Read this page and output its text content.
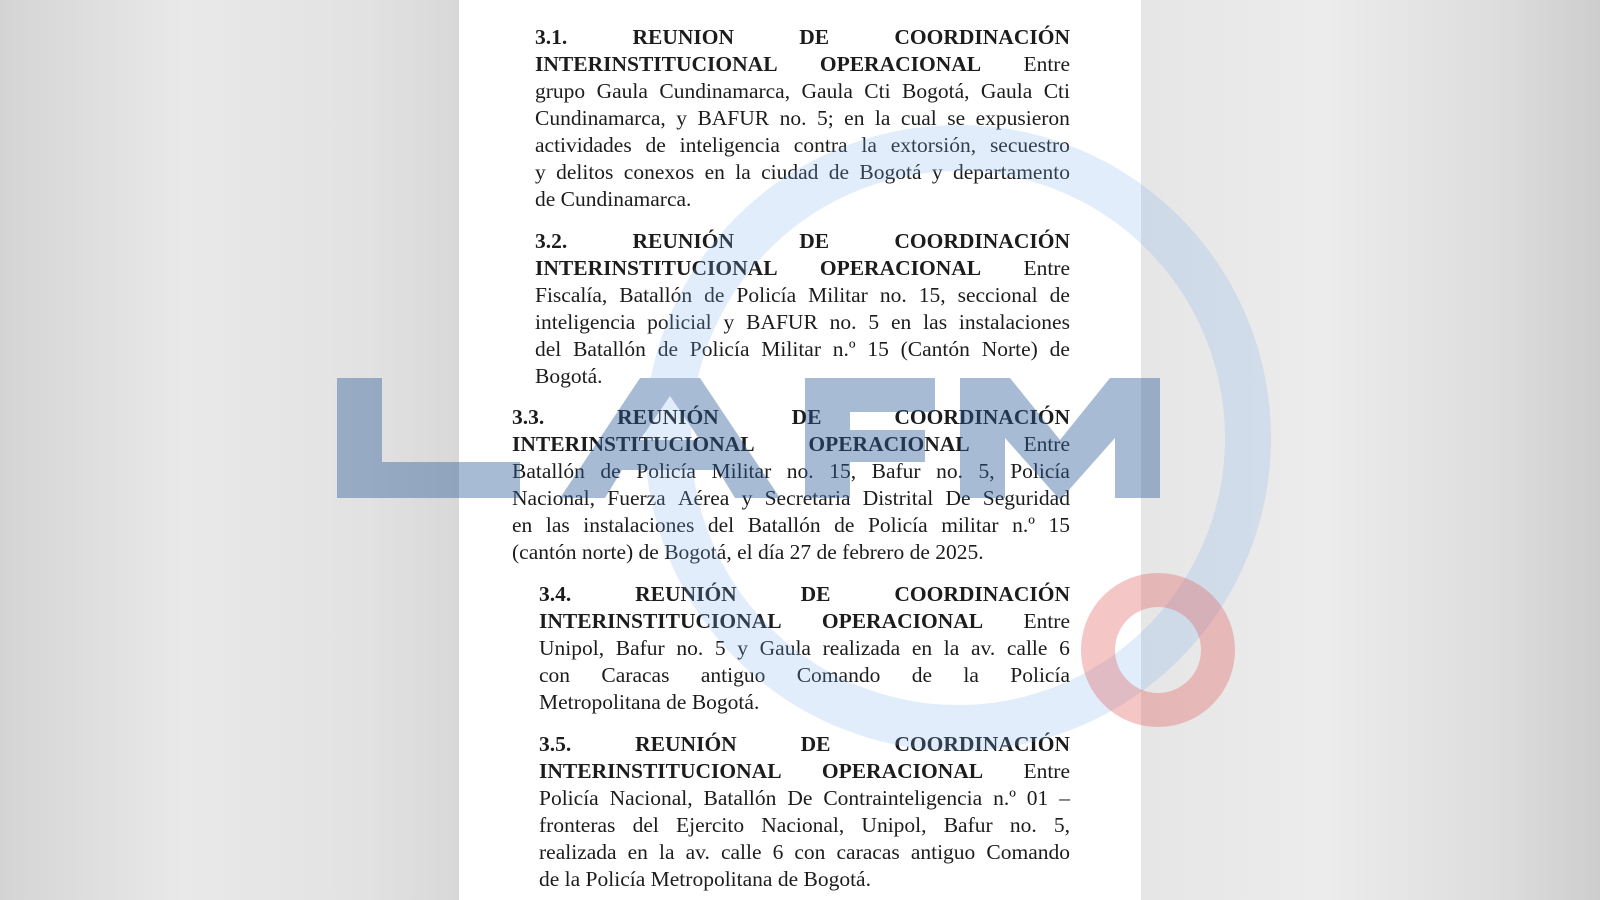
3.1.	REUNION	DE	COORDINACIÓN
INTERINSTITUCIONAL OPERACIONAL Entre
grupo Gaula Cundinamarca, Gaula Cti Bogotá, Gaula Cti
Cundinamarca, y BAFUR no. 5; en la cual se expusieron
actividades de inteligencia contra la extorsión, secuestro
y delitos conexos en la ciudad de Bogotá y departamento
de Cundinamarca.
3.2.	REUNIÓN	DE	COORDINACIÓN
INTERINSTITUCIONAL OPERACIONAL Entre
Fiscalía, Batallón de Policía Militar no. 15, seccional de
inteligencia policial y BAFUR no. 5 en las instalaciones
del Batallón de Policía Militar n.º 15 (Cantón Norte) de
Bogotá.
3.3.	REUNIÓN	DE	COORDINACIÓN
INTERINSTITUCIONAL	OPERACIONAL	Entre
Batallón de Policía Militar no. 15, Bafur no. 5, Policía
Nacional, Fuerza Aérea y Secretaria Distrital De Seguridad
en las instalaciones del Batallón de Policía militar n.º 15
(cantón norte) de Bogotá, el día 27 de febrero de 2025.
3.4.	REUNIÓN	DE	COORDINACIÓN
INTERINSTITUCIONAL OPERACIONAL Entre
Unipol, Bafur no. 5 y Gaula realizada en la av. calle 6
con Caracas antiguo Comando de la Policía
Metropolitana de Bogotá.
3.5.	REUNIÓN	DE	COORDINACIÓN
INTERINSTITUCIONAL OPERACIONAL Entre
Policía Nacional, Batallón De Contrainteligencia n.º 01 –
fronteras del Ejercito Nacional, Unipol, Bafur no. 5,
realizada en la av. calle 6 con caracas antiguo Comando
de la Policía Metropolitana de Bogotá.
